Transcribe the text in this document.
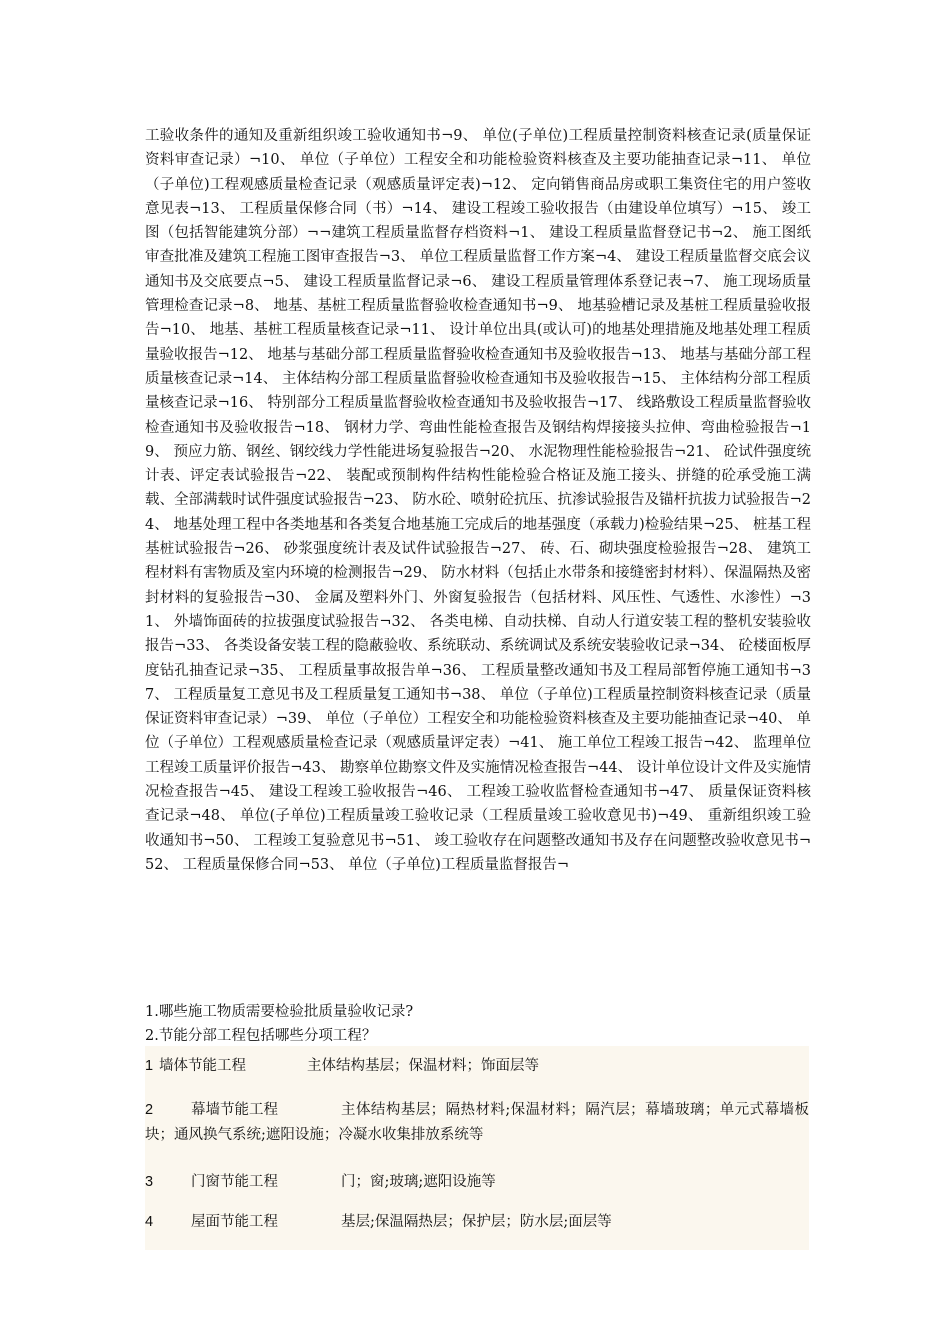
工验收条件的通知及重新组织竣工验收通知书¬9、 单位(子单位)工程质量控制资料核查记录(质量保证资料审查记录）¬10、 单位（子单位）工程安全和功能检验资料核查及主要功能抽查记录¬11、 单位（子单位)工程观感质量检查记录（观感质量评定表)¬12、 定向销售商品房或职工集资住宅的用户签收意见表¬13、 工程质量保修合同（书）¬14、 建设工程竣工验收报告（由建设单位填写）¬15、 竣工图（包括智能建筑分部）¬¬建筑工程质量监督存档资料¬1、 建设工程质量监督登记书¬2、 施工图纸审查批准及建筑工程施工图审查报告¬3、 单位工程质量监督工作方案¬4、 建设工程质量监督交底会议通知书及交底要点¬5、 建设工程质量监督记录¬6、 建设工程质量管理体系登记表¬7、 施工现场质量管理检查记录¬8、 地基、基桩工程质量监督验收检查通知书¬9、 地基验槽记录及基桩工程质量验收报告¬10、 地基、基桩工程质量核查记录¬11、 设计单位出具(或认可)的地基处理措施及地基处理工程质量验收报告¬12、 地基与基础分部工程质量监督验收检查通知书及验收报告¬13、 地基与基础分部工程质量核查记录¬14、 主体结构分部工程质量监督验收检查通知书及验收报告¬15、 主体结构分部工程质量核查记录¬16、 特别部分工程质量监督验收检查通知书及验收报告¬17、 线路敷设工程质量监督验收检查通知书及验收报告¬18、 钢材力学、弯曲性能检查报告及钢结构焊接接头拉伸、弯曲检验报告¬19、 预应力筋、钢丝、钢绞线力学性能进场复验报告¬20、 水泥物理性能检验报告¬21、 砼试件强度统计表、评定表试验报告¬22、 装配或预制构件结构性能检验合格证及施工接头、拼缝的砼承受施工满载、全部满载时试件强度试验报告¬23、 防水砼、喷射砼抗压、抗渗试验报告及锚杆抗拔力试验报告¬24、 地基处理工程中各类地基和各类复合地基施工完成后的地基强度（承载力)检验结果¬25、 桩基工程基桩试验报告¬26、 砂浆强度统计表及试件试验报告¬27、 砖、石、砌块强度检验报告¬28、 建筑工程材料有害物质及室内环境的检测报告¬29、 防水材料（包括止水带条和接缝密封材料）、保温隔热及密封材料的复验报告¬30、 金属及塑料外门、外窗复验报告（包括材料、风压性、气透性、水渗性）¬31、 外墙饰面砖的拉拔强度试验报告¬32、 各类电梯、自动扶梯、自动人行道安装工程的整机安装验收报告¬33、 各类设备安装工程的隐蔽验收、系统联动、系统调试及系统安装验收记录¬34、 砼楼面板厚度钻孔抽查记录¬35、 工程质量事故报告单¬36、 工程质量整改通知书及工程局部暂停施工通知书¬37、 工程质量复工意见书及工程质量复工通知书¬38、 单位（子单位)工程质量控制资料核查记录（质量保证资料审查记录）¬39、 单位（子单位）工程安全和功能检验资料核查及主要功能抽查记录¬40、 单位（子单位）工程观感质量检查记录（观感质量评定表）¬41、 施工单位工程竣工报告¬42、 监理单位工程竣工质量评价报告¬43、 勘察单位勘察文件及实施情况检查报告¬44、 设计单位设计文件及实施情况检查报告¬45、 建设工程竣工验收报告¬46、 工程竣工验收监督检查通知书¬47、 质量保证资料核查记录¬48、 单位(子单位)工程质量竣工验收记录（工程质量竣工验收意见书)¬49、 重新组织竣工验收通知书¬50、 工程竣工复验意见书¬51、 竣工验收存在问题整改通知书及存在问题整改验收意见书¬52、 工程质量保修合同¬53、 单位（子单位)工程质量监督报告¬

1.哪些施工物质需要检验批质量验收记录?

2.节能分部工程包括哪些分项工程？

1 墙体节能工程	主体结构基层；保温材料；饰面层等
2	幕墙节能工程	主体结构基层；隔热材料;保温材料；隔汽层；幕墙玻璃；单元式幕墙板块；通风换气系统;遮阳设施；冷凝水收集排放系统等
3	门窗节能工程	门；窗;玻璃;遮阳设施等
4	屋面节能工程	基层;保温隔热层；保护层；防水层;面层等
